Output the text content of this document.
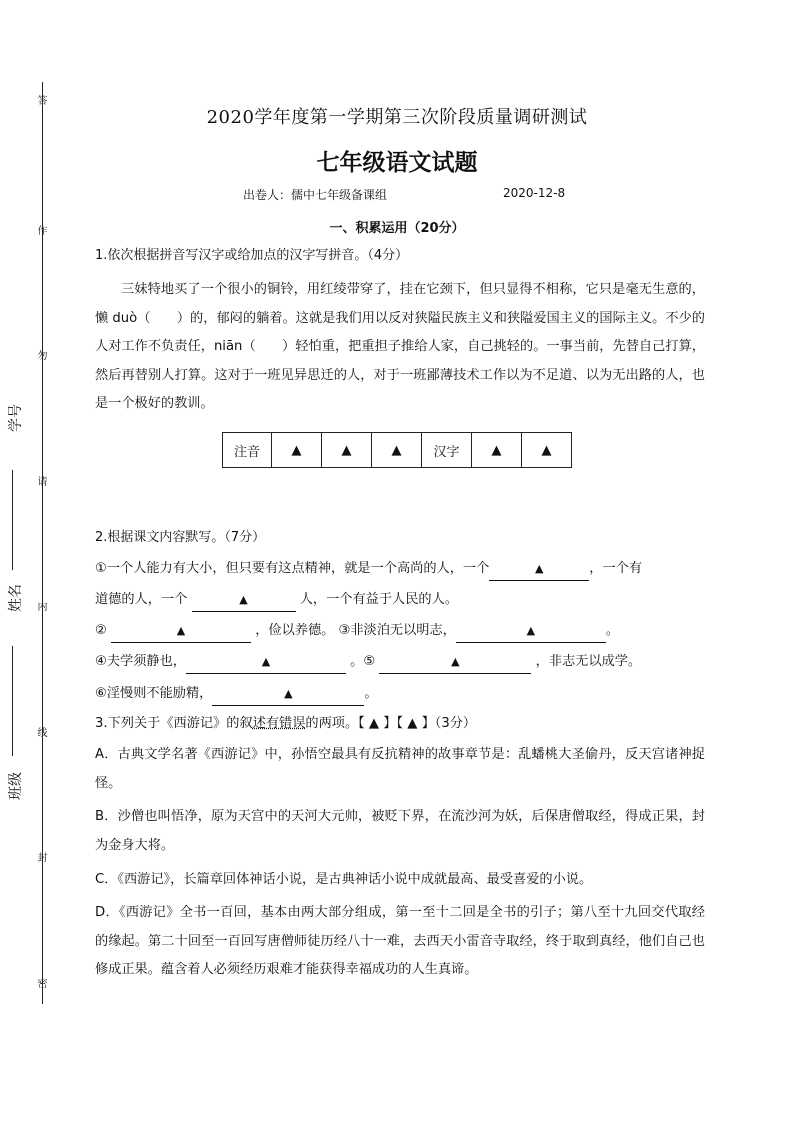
答
作
勿
请
内
线
封
密
学号
姓名
班级
2020学年度第一学期第三次阶段质量调研测试
七年级语文试题
出卷人：儒中七年级备课组	2020-12-8
一、积累运用（20分）
1.依次根据拼音写汉字或给加点的汉字写拼音。（4分）
三妹特地买了一个很小的铜铃，用红绫带穿了，挂在它颈下，但只显得不相称，它只是毫无生意的，懒 duò（　　）的，郁闷的躺着。这就是我们用以反对狭隘民族主义和狭隘爱国主义的国际主义。不少的人对工作不负责任，niān（　　）轻怕重，把重担子推给人家，自己挑轻的。一事当前，先替自己打算，然后再替别人打算。这对于一班见异思迁的人，对于一班鄙薄技术工作以为不足道、以为无出路的人，也是一个极好的教训。
注音	▲	▲	▲	汉字	▲	▲
2.根据课文内容默写。（7分）
①一个人能力有大小，但只要有这点精神，就是一个高尚的人，一个	▲	，一个有
道德的人，一个	▲	人，一个有益于人民的人。
②	▲	，俭以养德。 ③非淡泊无以明志，	▲	。
④夫学须静也，	▲	。⑤	▲	，非志无以成学。
⑥淫慢则不能励精，	▲	。
3.下列关于《西游记》的叙述有错误的两项。【 ▲ 】【 ▲ 】（3分）
A．古典文学名著《西游记》中，孙悟空最具有反抗精神的故事章节是：乱蟠桃大圣偷丹，反天宫诸神捉怪。
B．沙僧也叫悟净，原为天宫中的天河大元帅，被贬下界，在流沙河为妖，后保唐僧取经，得成正果，封为金身大将。
C．《西游记》，长篇章回体神话小说，是古典神话小说中成就最高、最受喜爱的小说。
D．《西游记》全书一百回，基本由两大部分组成，第一至十二回是全书的引子；第八至十九回交代取经的缘起。第二十回至一百回写唐僧师徒历经八十一难，去西天小雷音寺取经，终于取到真经，他们自己也修成正果。蕴含着人必须经历艰难才能获得幸福成功的人生真谛。
